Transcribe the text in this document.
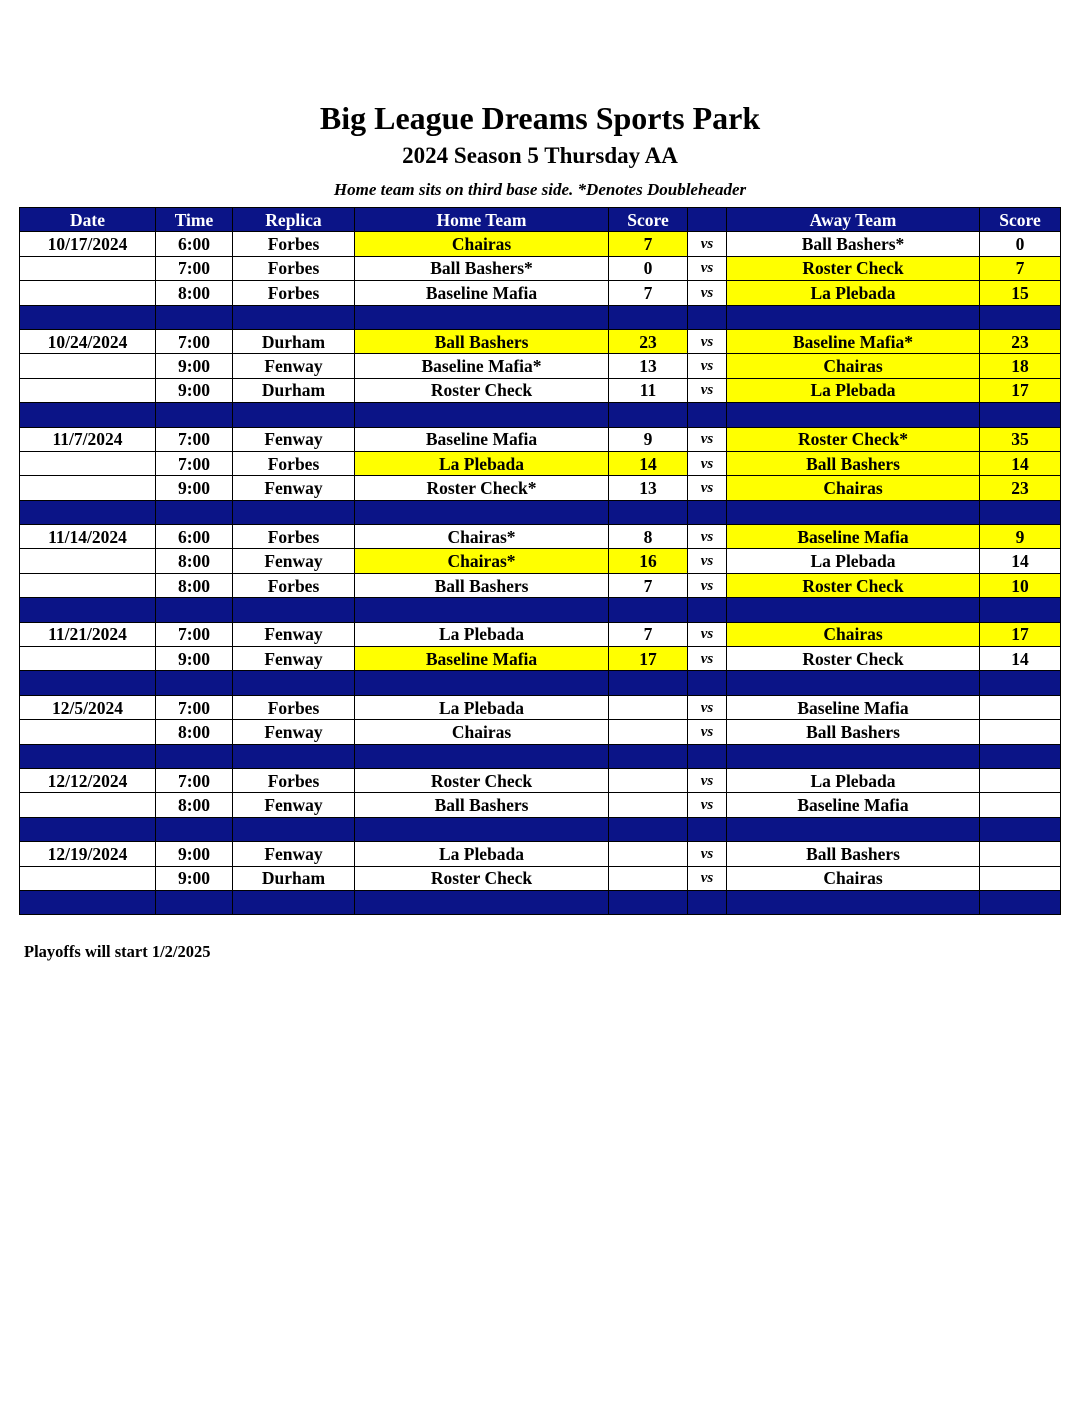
Big League Dreams Sports Park
2024 Season 5 Thursday AA
Home team sits on third base side. *Denotes Doubleheader
Date	Time	Replica	Home Team	Score		Away Team	Score
10/17/2024	6:00	Forbes	Chairas	7	vs	Ball Bashers*	0
	7:00	Forbes	Ball Bashers*	0	vs	Roster Check	7
	8:00	Forbes	Baseline Mafia	7	vs	La Plebada	15

10/24/2024	7:00	Durham	Ball Bashers	23	vs	Baseline Mafia*	23
	9:00	Fenway	Baseline Mafia*	13	vs	Chairas	18
	9:00	Durham	Roster Check	11	vs	La Plebada	17

11/7/2024	7:00	Fenway	Baseline Mafia	9	vs	Roster Check*	35
	7:00	Forbes	La Plebada	14	vs	Ball Bashers	14
	9:00	Fenway	Roster Check*	13	vs	Chairas	23

11/14/2024	6:00	Forbes	Chairas*	8	vs	Baseline Mafia	9
	8:00	Fenway	Chairas*	16	vs	La Plebada	14
	8:00	Forbes	Ball Bashers	7	vs	Roster Check	10

11/21/2024	7:00	Fenway	La Plebada	7	vs	Chairas	17
	9:00	Fenway	Baseline Mafia	17	vs	Roster Check	14

12/5/2024	7:00	Forbes	La Plebada		vs	Baseline Mafia	
	8:00	Fenway	Chairas		vs	Ball Bashers	

12/12/2024	7:00	Forbes	Roster Check		vs	La Plebada	
	8:00	Fenway	Ball Bashers		vs	Baseline Mafia	

12/19/2024	9:00	Fenway	La Plebada		vs	Ball Bashers	
	9:00	Durham	Roster Check		vs	Chairas	

Playoffs will start 1/2/2025
